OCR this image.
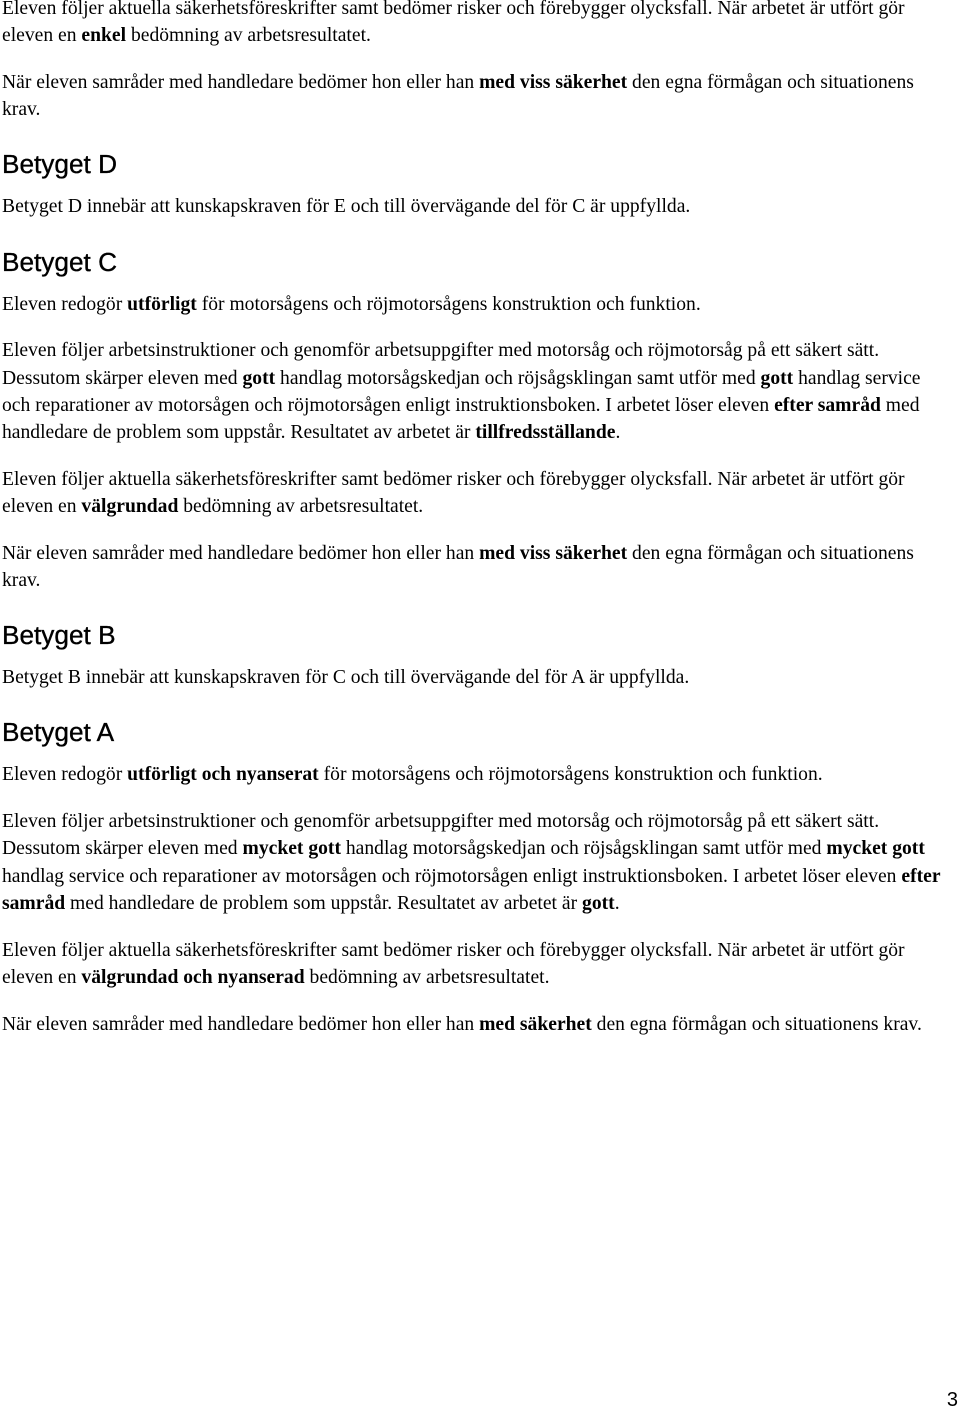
Eleven följer aktuella säkerhetsföreskrifter samt bedömer risker och förebygger olycksfall. När arbetet är utfört gör eleven en enkel bedömning av arbetsresultatet.

När eleven samråder med handledare bedömer hon eller han med viss säkerhet den egna förmågan och situationens krav.

Betyget D

Betyget D innebär att kunskapskraven för E och till övervägande del för C är uppfyllda.

Betyget C

Eleven redogör utförligt för motorsågens och röjmotorsågens konstruktion och funktion.

Eleven följer arbetsinstruktioner och genomför arbetsuppgifter med motorsåg och röjmotorsåg på ett säkert sätt. Dessutom skärper eleven med gott handlag motorsågskedjan och röjsågsklingan samt utför med gott handlag service och reparationer av motorsågen och röjmotorsågen enligt instruktionsboken. I arbetet löser eleven efter samråd med handledare de problem som uppstår. Resultatet av arbetet är tillfredsställande.

Eleven följer aktuella säkerhetsföreskrifter samt bedömer risker och förebygger olycksfall. När arbetet är utfört gör eleven en välgrundad bedömning av arbetsresultatet.

När eleven samråder med handledare bedömer hon eller han med viss säkerhet den egna förmågan och situationens krav.

Betyget B

Betyget B innebär att kunskapskraven för C och till övervägande del för A är uppfyllda.

Betyget A

Eleven redogör utförligt och nyanserat för motorsågens och röjmotorsågens konstruktion och funktion.

Eleven följer arbetsinstruktioner och genomför arbetsuppgifter med motorsåg och röjmotorsåg på ett säkert sätt. Dessutom skärper eleven med mycket gott handlag motorsågskedjan och röjsågsklingan samt utför med mycket gott handlag service och reparationer av motorsågen och röjmotorsågen enligt instruktionsboken. I arbetet löser eleven efter samråd med handledare de problem som uppstår. Resultatet av arbetet är gott.

Eleven följer aktuella säkerhetsföreskrifter samt bedömer risker och förebygger olycksfall. När arbetet är utfört gör eleven en välgrundad och nyanserad bedömning av arbetsresultatet.

När eleven samråder med handledare bedömer hon eller han med säkerhet den egna förmågan och situationens krav.

3
